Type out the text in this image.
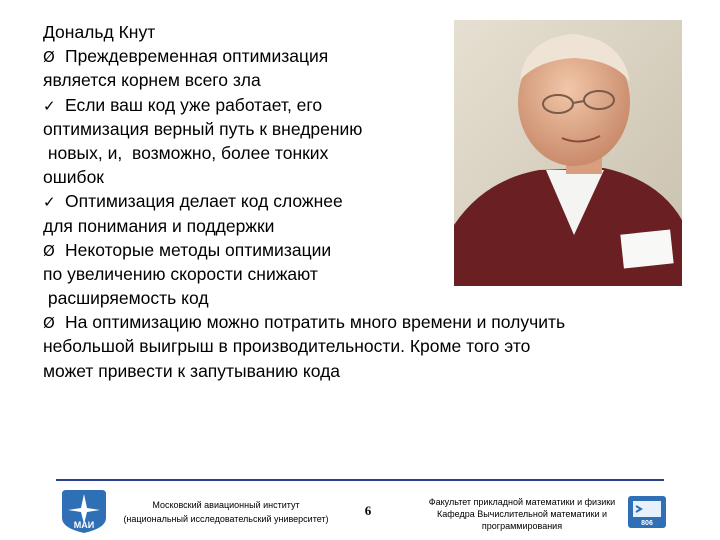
Дональд Кнут
Ø Преждевременная оптимизация
является корнем всего зла
✓ Если ваш код уже работает, его
оптимизация верный путь к внедрению
новых, и,  возможно, более тонких
ошибок
✓ Оптимизация делает код сложнее
для понимания и поддержки
Ø Некоторые методы оптимизации
по увеличению скорости снижают
расширяемость код
Ø На оптимизацию можно потратить много времени и получить
небольшой выигрыш в производительности. Кроме того это
может привести к запутыванию кода
МАИ
Московский авиационный институт
(национальный исследовательский университет)
6
Факультет прикладной математики и физики
Кафедра Вычислительной математики и
программирования	806
